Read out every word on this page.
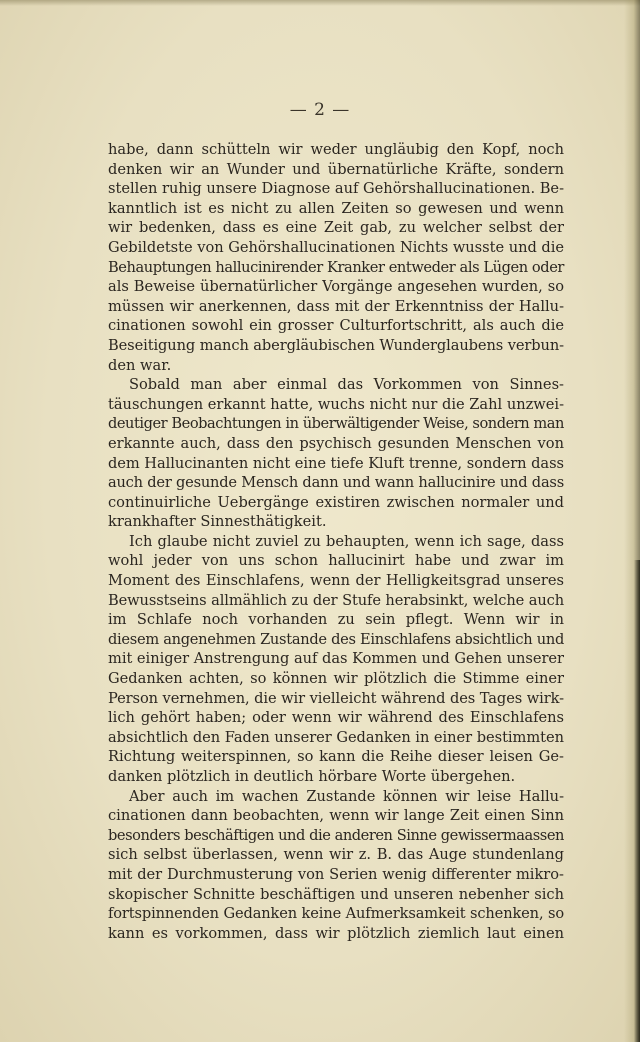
— 2 —
habe, dann schütteln wir weder ungläubig den Kopf, noch
denken wir an Wunder und übernatürliche Kräfte, sondern
stellen ruhig unsere Diagnose auf Gehörshallucinationen. Be-
kanntlich ist es nicht zu allen Zeiten so gewesen und wenn
wir bedenken, dass es eine Zeit gab, zu welcher selbst der
Gebildetste von Gehörshallucinationen Nichts wusste und die
Behauptungen hallucinirender Kranker entweder als Lügen oder
als Beweise übernatürlicher Vorgänge angesehen wurden, so
müssen wir anerkennen, dass mit der Erkenntniss der Hallu-
cinationen sowohl ein grosser Culturfortschritt, als auch die
Beseitigung manch abergläubischen Wunderglaubens verbun-
den war.
Sobald man aber einmal das Vorkommen von Sinnes-
täuschungen erkannt hatte, wuchs nicht nur die Zahl unzwei-
deutiger Beobachtungen in überwältigender Weise, sondern man
erkannte auch, dass den psychisch gesunden Menschen von
dem Hallucinanten nicht eine tiefe Kluft trenne, sondern dass
auch der gesunde Mensch dann und wann hallucinire und dass
continuirliche Uebergänge existiren zwischen normaler und
krankhafter Sinnesthätigkeit.
Ich glaube nicht zuviel zu behaupten, wenn ich sage, dass
wohl jeder von uns schon hallucinirt habe und zwar im
Moment des Einschlafens, wenn der Helligkeitsgrad unseres
Bewusstseins allmählich zu der Stufe herabsinkt, welche auch
im Schlafe noch vorhanden zu sein pflegt. Wenn wir in
diesem angenehmen Zustande des Einschlafens absichtlich und
mit einiger Anstrengung auf das Kommen und Gehen unserer
Gedanken achten, so können wir plötzlich die Stimme einer
Person vernehmen, die wir vielleicht während des Tages wirk-
lich gehört haben; oder wenn wir während des Einschlafens
absichtlich den Faden unserer Gedanken in einer bestimmten
Richtung weiterspinnen, so kann die Reihe dieser leisen Ge-
danken plötzlich in deutlich hörbare Worte übergehen.
Aber auch im wachen Zustande können wir leise Hallu-
cinationen dann beobachten, wenn wir lange Zeit einen Sinn
besonders beschäftigen und die anderen Sinne gewissermaassen
sich selbst überlassen, wenn wir z. B. das Auge stundenlang
mit der Durchmusterung von Serien wenig differenter mikro-
skopischer Schnitte beschäftigen und unseren nebenher sich
fortspinnenden Gedanken keine Aufmerksamkeit schenken, so
kann es vorkommen, dass wir plötzlich ziemlich laut einen
